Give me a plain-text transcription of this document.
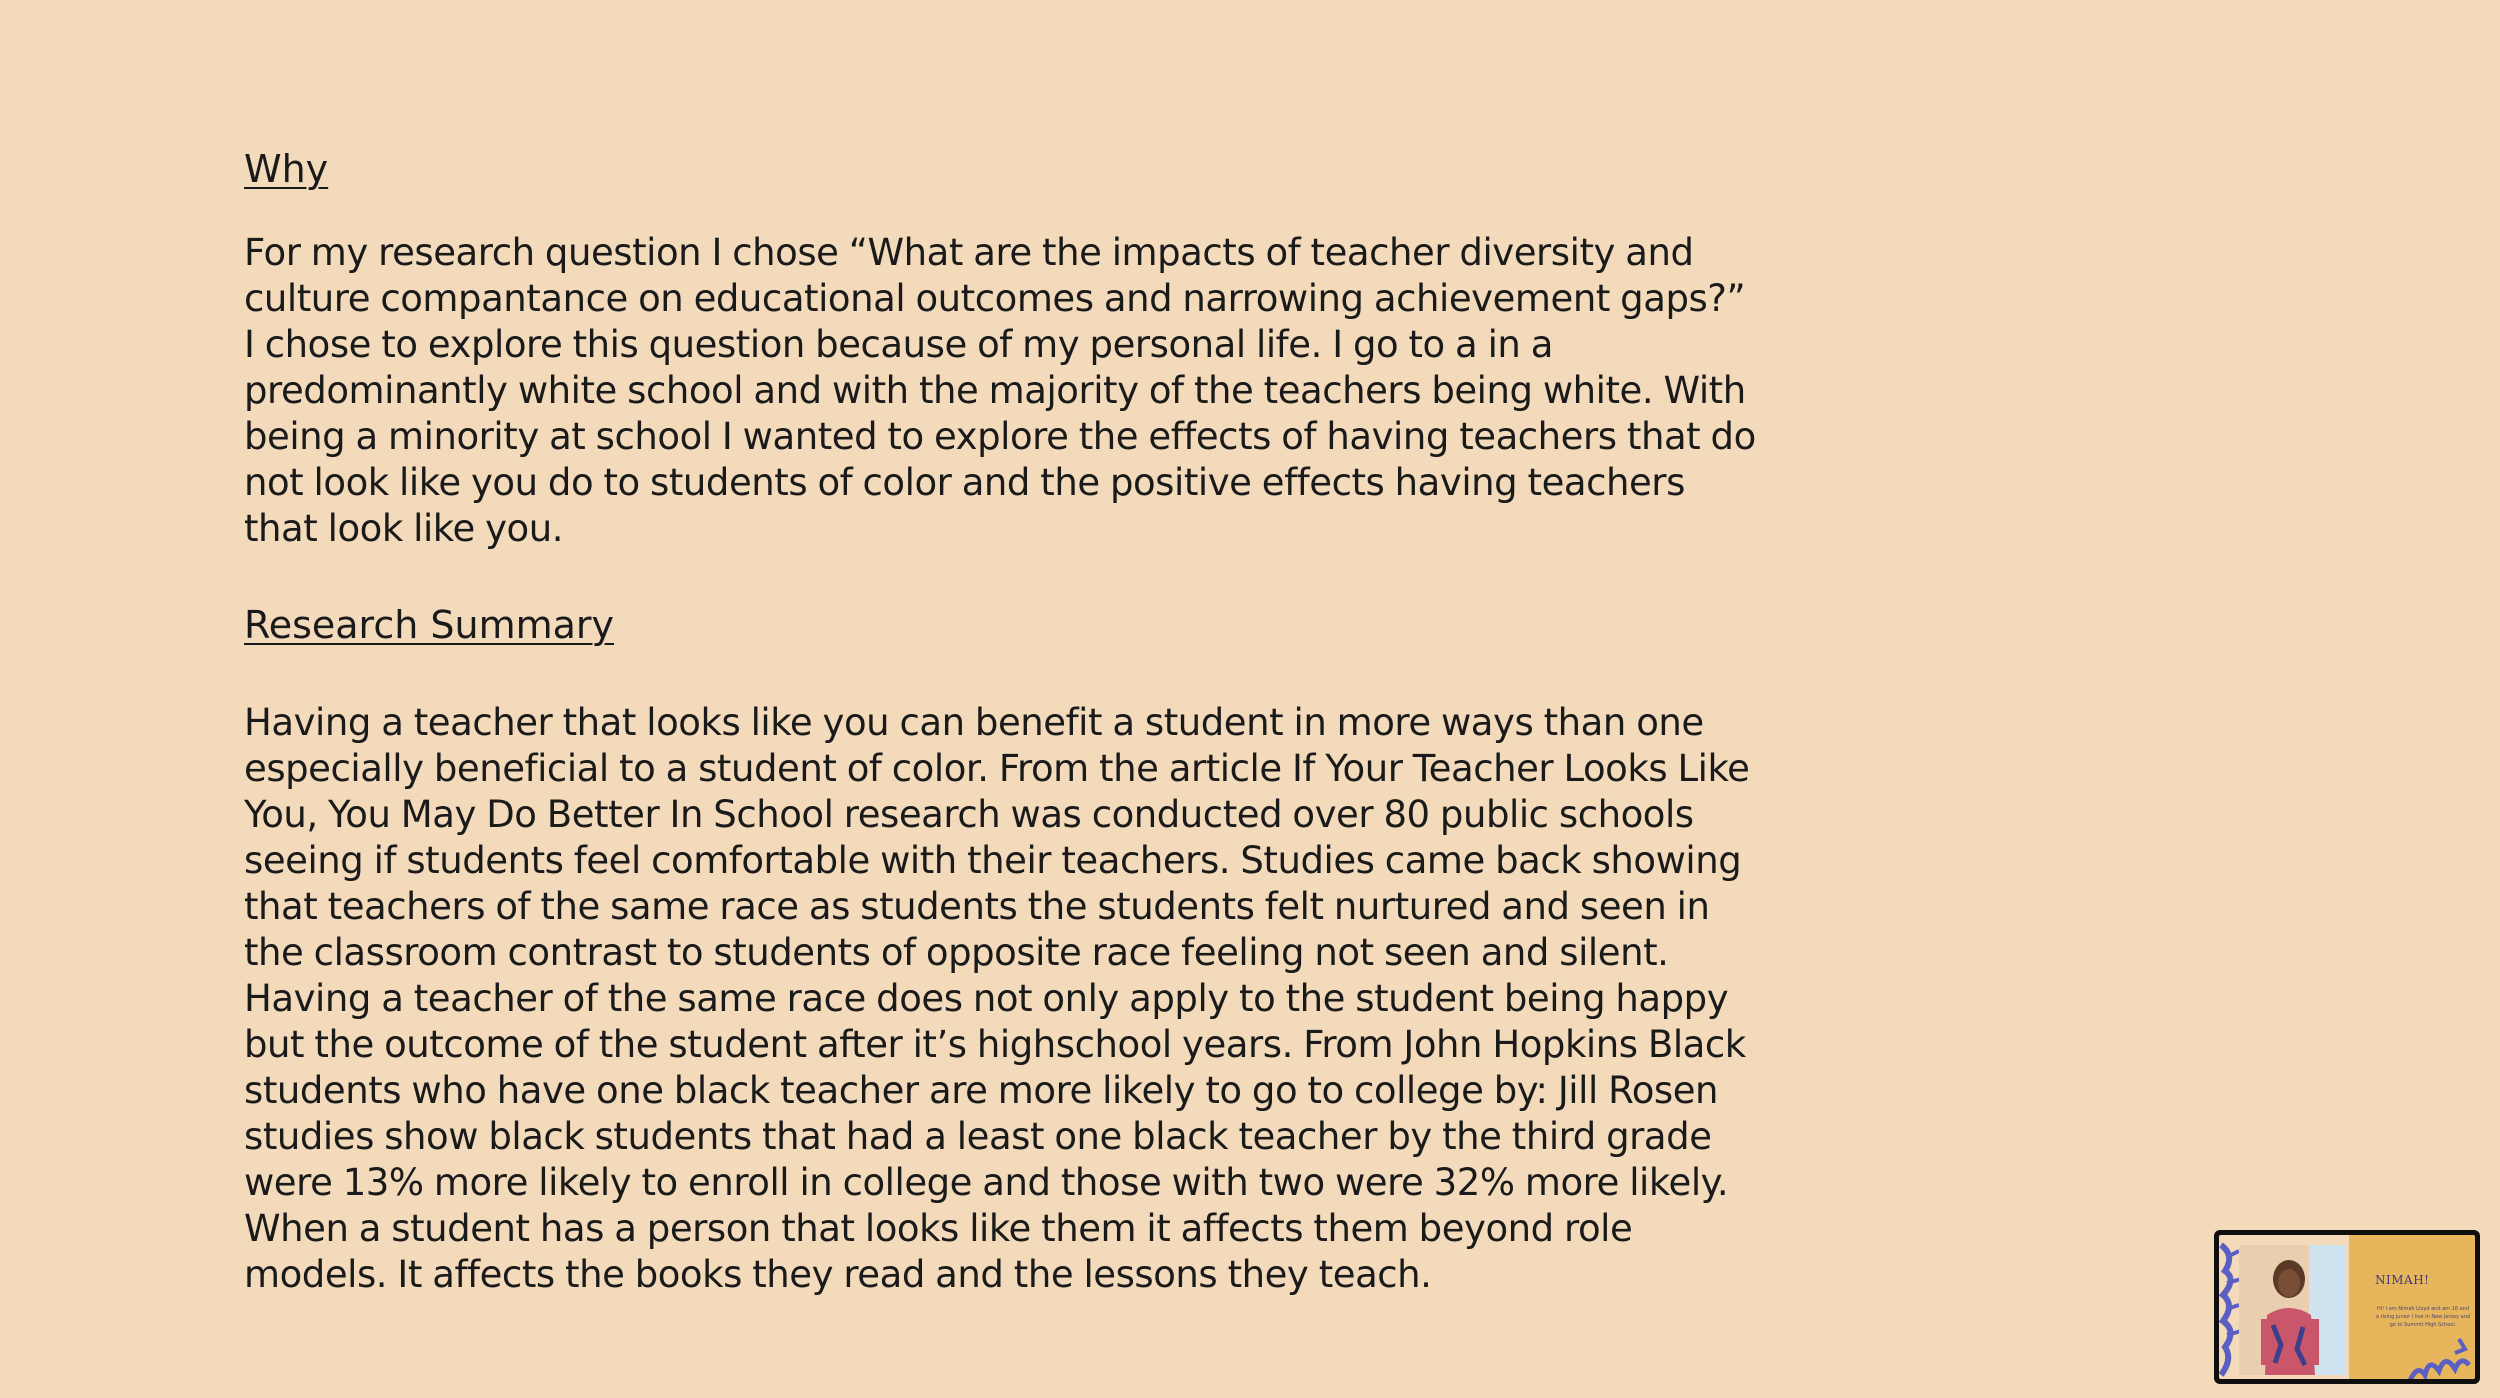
Why

For my research question I chose “What are the impacts of teacher diversity and culture compantance on educational outcomes and narrowing achievement gaps?” I chose to explore this question because of my personal life. I go to a in a predominantly white school and with the majority of the teachers being white. With being a minority at school I wanted to explore the effects of having teachers that do not look like you do to students of color and the positive effects having teachers that look like you.

Research Summary

Having a teacher that looks like you can benefit a student in more ways than one especially beneficial to a student of color. From the article If Your Teacher Looks Like You, You May Do Better In School research was conducted over 80 public schools seeing if students feel comfortable with their teachers. Studies came back showing that teachers of the same race as students the students felt nurtured and seen in the classroom contrast to students of opposite race feeling not seen and silent. Having a teacher of the same race does not only apply to the student being happy but the outcome of the student after it’s highschool years. From John Hopkins Black students who have one black teacher are more likely to go to college by: Jill Rosen studies show black students that had a least one black teacher by the third grade were 13% more likely to enroll in college and those with two were 32% more likely. When a student has a person that looks like them it affects them beyond role models. It affects the books they read and the lessons they teach.	NIMAH!
Hi! I am Nimah Lloyd and am 16 and a rising junior I live in New Jersey and go to Summit High School.
